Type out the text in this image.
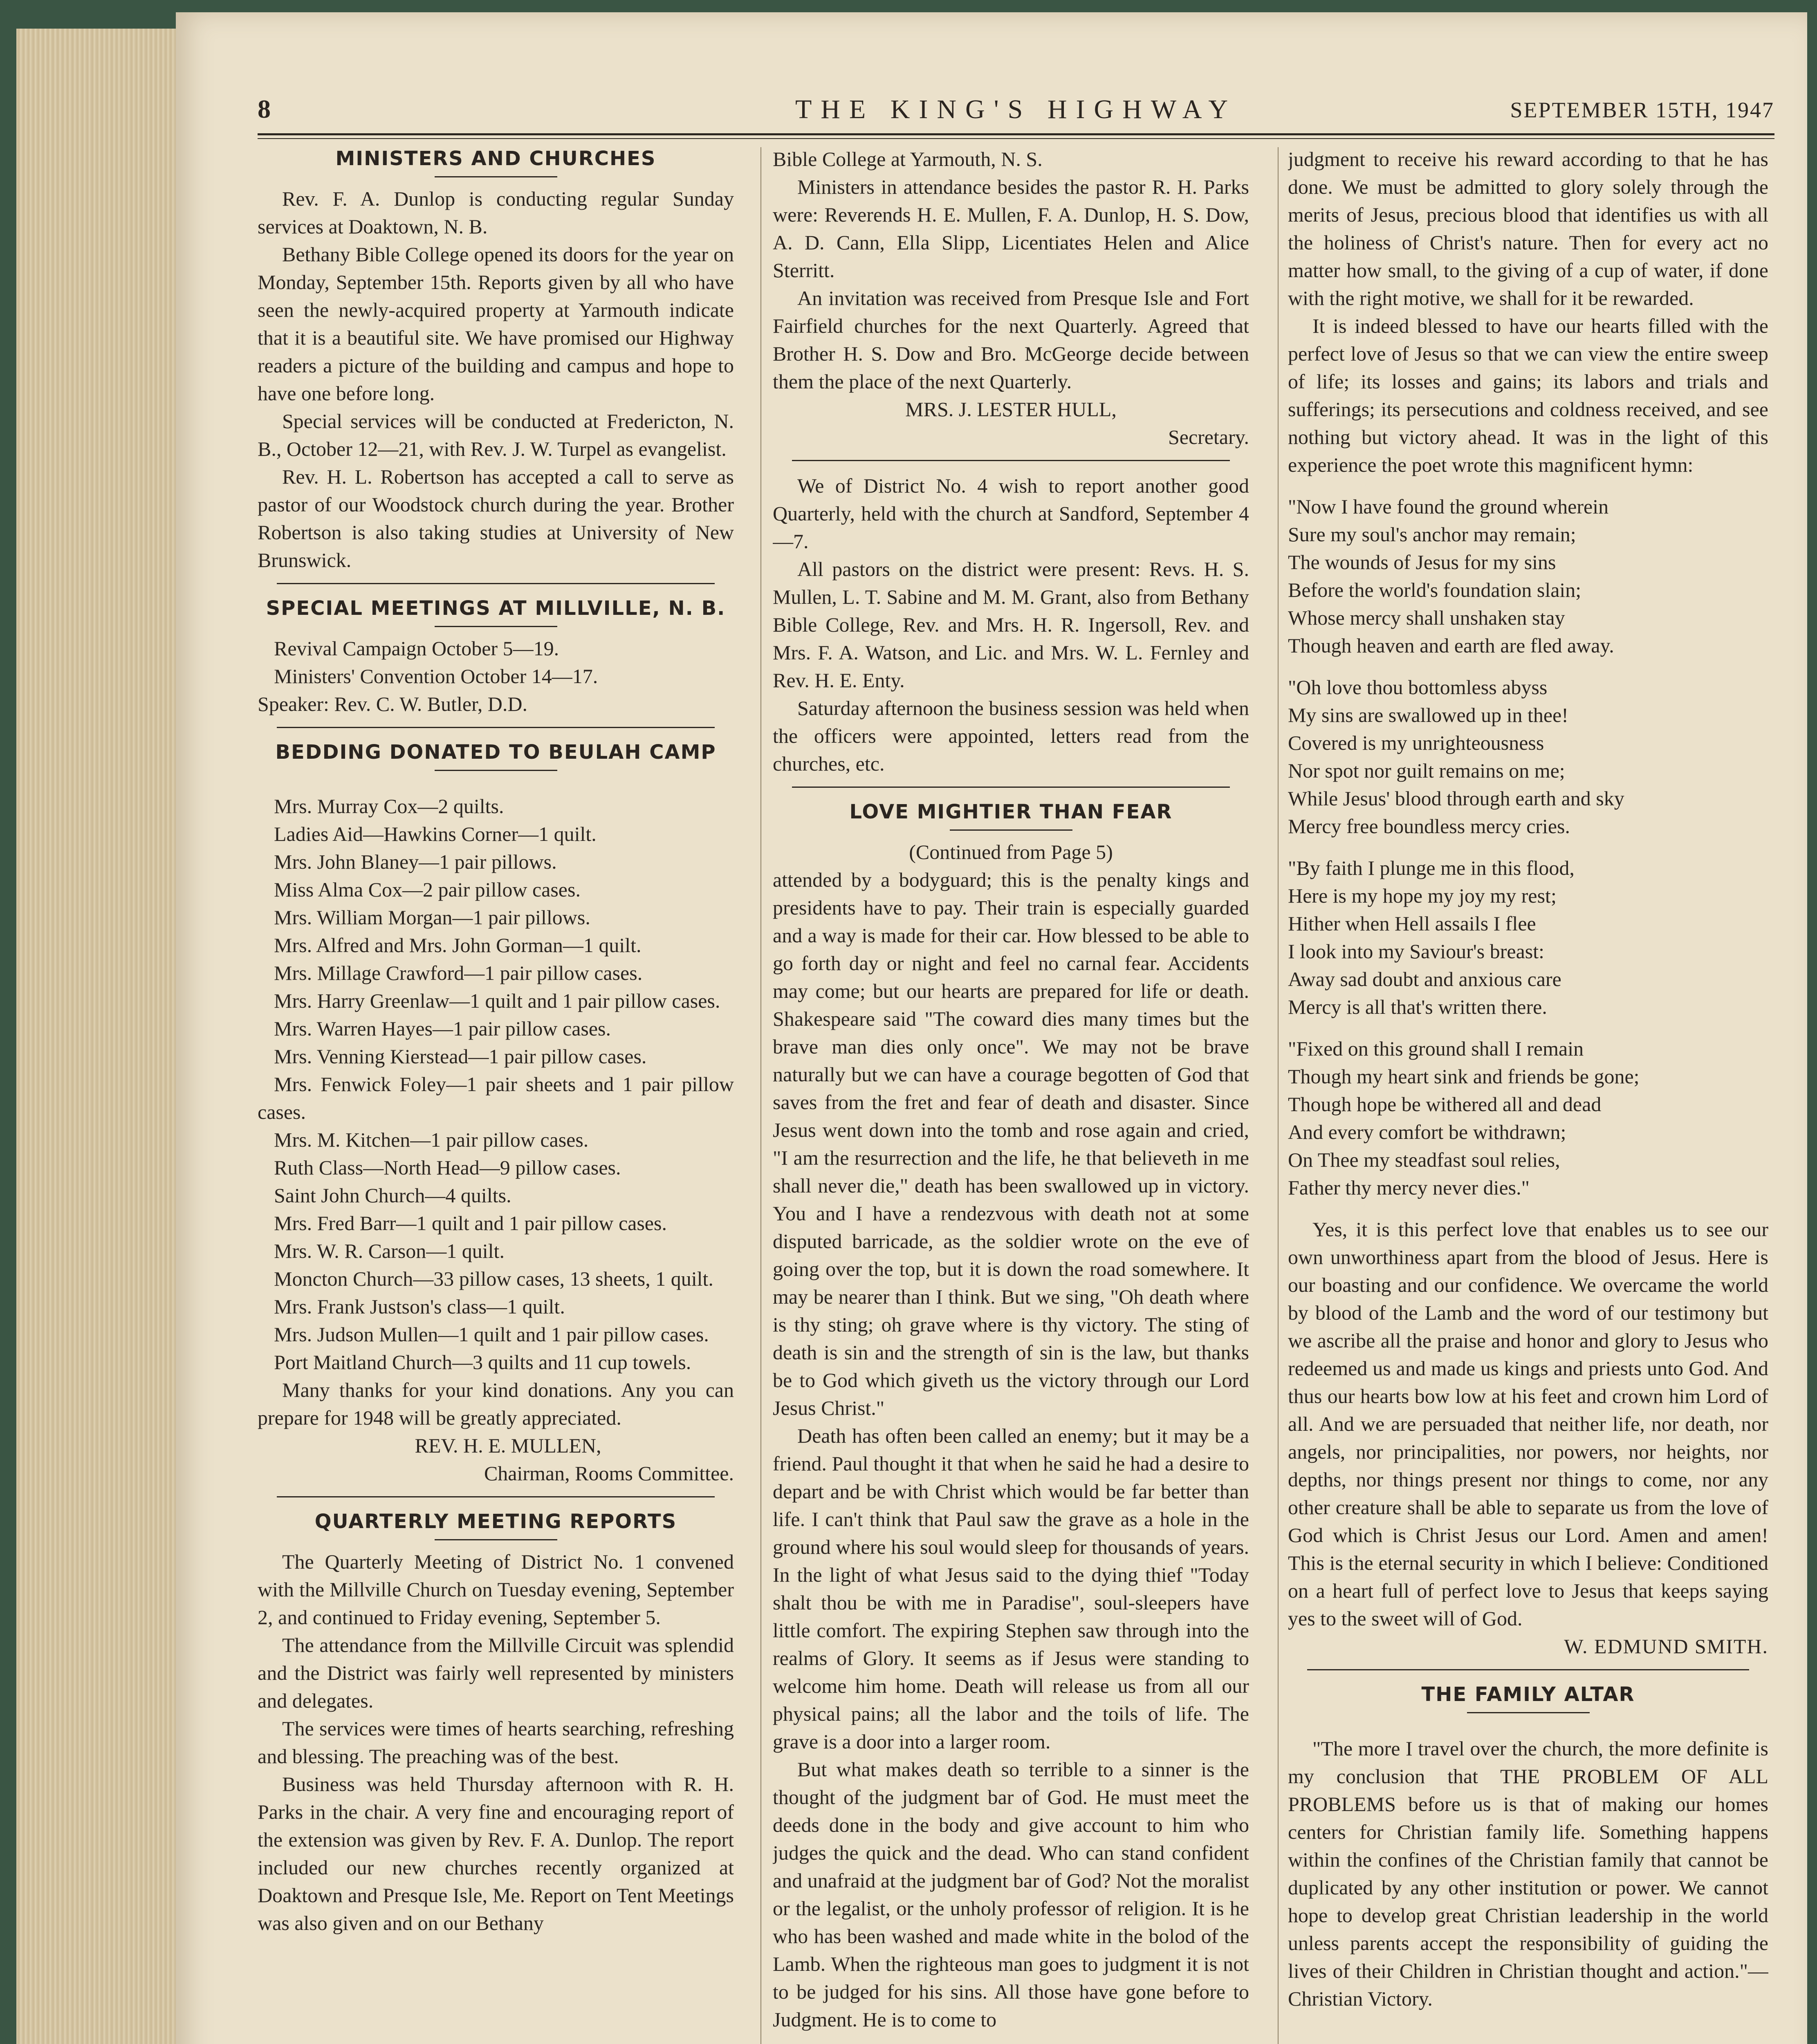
8	THE KING'S HIGHWAY	SEPTEMBER 15TH, 1947
MINISTERS AND CHURCHES

Rev. F. A. Dunlop is conducting regular Sunday services at Doaktown, N. B.

Bethany Bible College opened its doors for the year on Monday, September 15th. Reports given by all who have seen the newly-acquired property at Yarmouth indicate that it is a beautiful site. We have promised our Highway readers a picture of the building and campus and hope to have one before long.

Special services will be conducted at Fredericton, N. B., October 12—21, with Rev. J. W. Turpel as evangelist.

Rev. H. L. Robertson has accepted a call to serve as pastor of our Woodstock church during the year. Brother Robertson is also taking studies at University of New Brunswick.

SPECIAL MEETINGS AT MILLVILLE, N. B.

Revival Campaign October 5—19.

Ministers' Convention October 14—17.

Speaker: Rev. C. W. Butler, D.D.

BEDDING DONATED TO BEULAH CAMP

Mrs. Murray Cox—2 quilts.

Ladies Aid—Hawkins Corner—1 quilt.

Mrs. John Blaney—1 pair pillows.

Miss Alma Cox—2 pair pillow cases.

Mrs. William Morgan—1 pair pillows.

Mrs. Alfred and Mrs. John Gorman—1 quilt.

Mrs. Millage Crawford—1 pair pillow cases.

Mrs. Harry Greenlaw—1 quilt and 1 pair pillow cases.

Mrs. Warren Hayes—1 pair pillow cases.

Mrs. Venning Kierstead—1 pair pillow cases.

Mrs. Fenwick Foley—1 pair sheets and 1 pair pillow cases.

Mrs. M. Kitchen—1 pair pillow cases.

Ruth Class—North Head—9 pillow cases.

Saint John Church—4 quilts.

Mrs. Fred Barr—1 quilt and 1 pair pillow cases.

Mrs. W. R. Carson—1 quilt.

Moncton Church—33 pillow cases, 13 sheets, 1 quilt.

Mrs. Frank Justson's class—1 quilt.

Mrs. Judson Mullen—1 quilt and 1 pair pillow cases.

Port Maitland Church—3 quilts and 11 cup towels.

Many thanks for your kind donations. Any you can prepare for 1948 will be greatly appreciated.

REV. H. E. MULLEN,

Chairman, Rooms Committee.

QUARTERLY MEETING REPORTS

The Quarterly Meeting of District No. 1 convened with the Millville Church on Tuesday evening, September 2, and continued to Friday evening, September 5.

The attendance from the Millville Circuit was splendid and the District was fairly well represented by ministers and delegates.

The services were times of hearts searching, refreshing and blessing. The preaching was of the best.

Business was held Thursday afternoon with R. H. Parks in the chair. A very fine and encouraging report of the extension was given by Rev. F. A. Dunlop. The report included our new churches recently organized at Doaktown and Presque Isle, Me. Report on Tent Meetings was also given and on our Bethany

Bible College at Yarmouth, N. S.

Ministers in attendance besides the pastor R. H. Parks were: Reverends H. E. Mullen, F. A. Dunlop, H. S. Dow, A. D. Cann, Ella Slipp, Licentiates Helen and Alice Sterritt.

An invitation was received from Presque Isle and Fort Fairfield churches for the next Quarterly. Agreed that Brother H. S. Dow and Bro. McGeorge decide between them the place of the next Quarterly.

MRS. J. LESTER HULL,

Secretary.

We of District No. 4 wish to report another good Quarterly, held with the church at Sandford, September 4—7.

All pastors on the district were present: Revs. H. S. Mullen, L. T. Sabine and M. M. Grant, also from Bethany Bible College, Rev. and Mrs. H. R. Ingersoll, Rev. and Mrs. F. A. Watson, and Lic. and Mrs. W. L. Fernley and Rev. H. E. Enty.

Saturday afternoon the business session was held when the officers were appointed, letters read from the churches, etc.

LOVE MIGHTIER THAN FEAR

(Continued from Page 5)

attended by a bodyguard; this is the penalty kings and presidents have to pay. Their train is especially guarded and a way is made for their car. How blessed to be able to go forth day or night and feel no carnal fear. Accidents may come; but our hearts are prepared for life or death. Shakespeare said "The coward dies many times but the brave man dies only once". We may not be brave naturally but we can have a courage begotten of God that saves from the fret and fear of death and disaster. Since Jesus went down into the tomb and rose again and cried, "I am the resurrection and the life, he that believeth in me shall never die," death has been swallowed up in victory. You and I have a rendezvous with death not at some disputed barricade, as the soldier wrote on the eve of going over the top, but it is down the road somewhere. It may be nearer than I think. But we sing, "Oh death where is thy sting; oh grave where is thy victory. The sting of death is sin and the strength of sin is the law, but thanks be to God which giveth us the victory through our Lord Jesus Christ."

Death has often been called an enemy; but it may be a friend. Paul thought it that when he said he had a desire to depart and be with Christ which would be far better than life. I can't think that Paul saw the grave as a hole in the ground where his soul would sleep for thousands of years. In the light of what Jesus said to the dying thief "Today shalt thou be with me in Paradise", soul-sleepers have little comfort. The expiring Stephen saw through into the realms of Glory. It seems as if Jesus were standing to welcome him home. Death will release us from all our physical pains; all the labor and the toils of life. The grave is a door into a larger room.

But what makes death so terrible to a sinner is the thought of the judgment bar of God. He must meet the deeds done in the body and give account to him who judges the quick and the dead. Who can stand confident and unafraid at the judgment bar of God? Not the moralist or the legalist, or the unholy professor of religion. It is he who has been washed and made white in the bolod of the Lamb. When the righteous man goes to judgment it is not to be judged for his sins. All those have gone before to Judgment. He is to come to

judgment to receive his reward according to that he has done. We must be admitted to glory solely through the merits of Jesus, precious blood that identifies us with all the holiness of Christ's nature. Then for every act no matter how small, to the giving of a cup of water, if done with the right motive, we shall for it be rewarded.

It is indeed blessed to have our hearts filled with the perfect love of Jesus so that we can view the entire sweep of life; its losses and gains; its labors and trials and sufferings; its persecutions and coldness received, and see nothing but victory ahead. It was in the light of this experience the poet wrote this magnificent hymn:

"Now I have found the ground wherein

Sure my soul's anchor may remain;

The wounds of Jesus for my sins

Before the world's foundation slain;

Whose mercy shall unshaken stay

Though heaven and earth are fled away.

"Oh love thou bottomless abyss

My sins are swallowed up in thee!

Covered is my unrighteousness

Nor spot nor guilt remains on me;

While Jesus' blood through earth and sky

Mercy free boundless mercy cries.

"By faith I plunge me in this flood,

Here is my hope my joy my rest;

Hither when Hell assails I flee

I look into my Saviour's breast:

Away sad doubt and anxious care

Mercy is all that's written there.

"Fixed on this ground shall I remain

Though my heart sink and friends be gone;

Though hope be withered all and dead

And every comfort be withdrawn;

On Thee my steadfast soul relies,

Father thy mercy never dies."

Yes, it is this perfect love that enables us to see our own unworthiness apart from the blood of Jesus. Here is our boasting and our confidence. We overcame the world by blood of the Lamb and the word of our testimony but we ascribe all the praise and honor and glory to Jesus who redeemed us and made us kings and priests unto God. And thus our hearts bow low at his feet and crown him Lord of all. And we are persuaded that neither life, nor death, nor angels, nor principalities, nor powers, nor heights, nor depths, nor things present nor things to come, nor any other creature shall be able to separate us from the love of God which is Christ Jesus our Lord. Amen and amen! This is the eternal security in which I believe: Conditioned on a heart full of perfect love to Jesus that keeps saying yes to the sweet will of God.

W. EDMUND SMITH.

THE FAMILY ALTAR

"The more I travel over the church, the more definite is my conclusion that THE PROBLEM OF ALL PROBLEMS before us is that of making our homes centers for Christian family life. Something happens within the confines of the Christian family that cannot be duplicated by any other institution or power. We cannot hope to develop great Christian leadership in the world unless parents accept the responsibility of guiding the lives of their Children in Christian thought and action."—Christian Victory.
